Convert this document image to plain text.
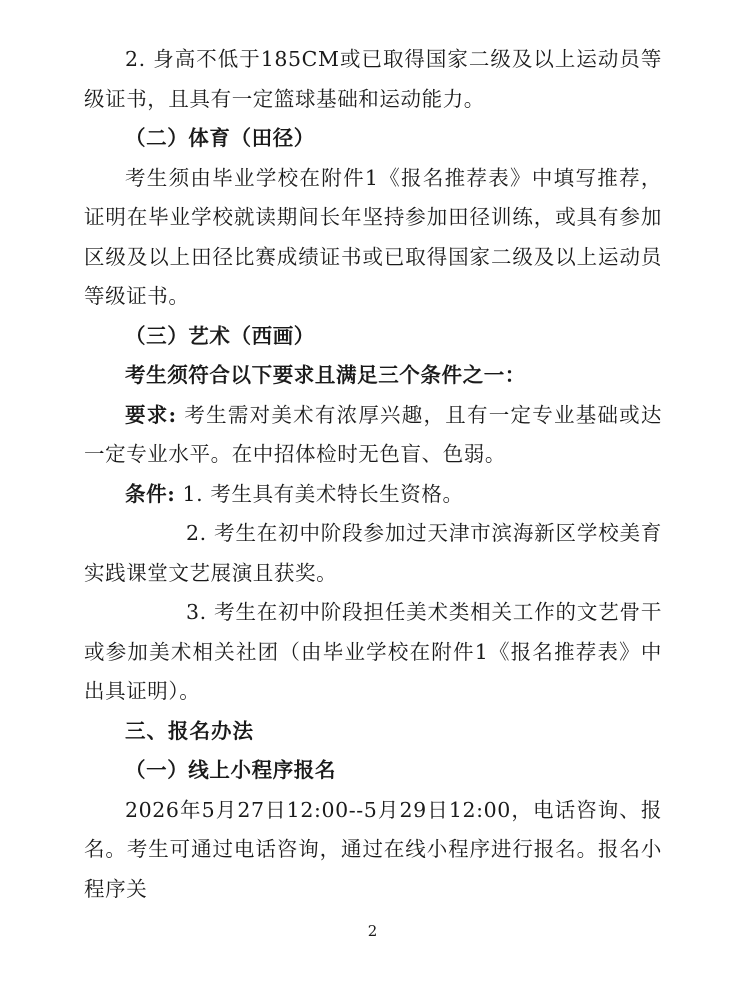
2. 身高不低于185CM或已取得国家二级及以上运动员等级证书，且具有一定篮球基础和运动能力。

（二）体育（田径）

考生须由毕业学校在附件1《报名推荐表》中填写推荐，证明在毕业学校就读期间长年坚持参加田径训练，或具有参加区级及以上田径比赛成绩证书或已取得国家二级及以上运动员等级证书。

（三）艺术（西画）

考生须符合以下要求且满足三个条件之一：

要求: 考生需对美术有浓厚兴趣，且有一定专业基础或达一定专业水平。在中招体检时无色盲、色弱。

条件: 1. 考生具有美术特长生资格。

2. 考生在初中阶段参加过天津市滨海新区学校美育实践课堂文艺展演且获奖。

3. 考生在初中阶段担任美术类相关工作的文艺骨干或参加美术相关社团（由毕业学校在附件1《报名推荐表》中出具证明）。

三、报名办法

（一）线上小程序报名

2026年5月27日12:00--5月29日12:00，电话咨询、报名。考生可通过电话咨询，通过在线小程序进行报名。报名小程序关

2
